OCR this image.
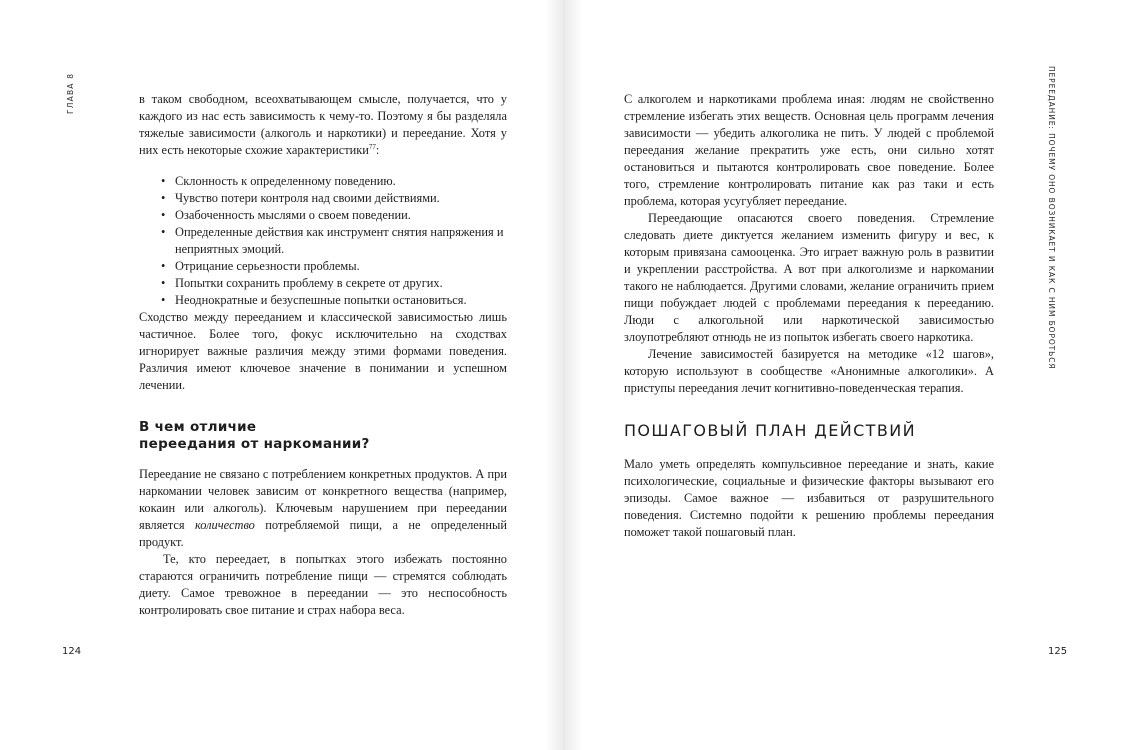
ГЛАВА 8	в таком свободном, всеохватывающем смысле, получается, что у каждого из нас есть зависимость к чему-то. Поэтому я бы разделяла тяжелые зависимости (алкоголь и наркотики) и переедание. Хотя у них есть некоторые схожие характеристики$^{77}$:

• Склонность к определенному поведению.
• Чувство потери контроля над своими действиями.
• Озабоченность мыслями о своем поведении.
• Определенные действия как инструмент снятия напряжения и неприятных эмоций.
• Отрицание серьезности проблемы.
• Попытки сохранить проблему в секрете от других.
• Неоднократные и безуспешные попытки остановиться.

Сходство между перееданием и классической зависимостью лишь частичное. Более того, фокус исключительно на сходствах игнорирует важные различия между этими формами поведения. Различия имеют ключевое значение в понимании и успешном лечении.

В чем отличие
переедания от наркомании?

Переедание не связано с потреблением конкретных продуктов. А при наркомании человек зависим от конкретного вещества (например, кокаин или алкоголь). Ключевым нарушением при переедании является количество потребляемой пищи, а не определенный продукт.

Те, кто переедает, в попытках этого избежать постоянно стараются ограничить потребление пищи — стремятся соблюдать диету. Самое тревожное в переедании — это неспособность контролировать свое питание и страх набора веса.

124
ПЕРЕЕДАНИЕ: ПОЧЕМУ ОНО ВОЗНИКАЕТ И КАК С НИМ БОРОТЬСЯ

С алкоголем и наркотиками проблема иная: людям не свойственно стремление избегать этих веществ. Основная цель программ лечения зависимости — убедить алкоголика не пить. У людей с проблемой переедания желание прекратить уже есть, они сильно хотят остановиться и пытаются контролировать свое поведение. Более того, стремление контролировать питание как раз таки и есть проблема, которая усугубляет переедание.

Переедающие опасаются своего поведения. Стремление следовать диете диктуется желанием изменить фигуру и вес, к которым привязана самооценка. Это играет важную роль в развитии и укреплении расстройства. А вот при алкоголизме и наркомании такого не наблюдается. Другими словами, желание ограничить прием пищи побуждает людей с проблемами переедания к перееданию. Люди с алкогольной или наркотической зависимостью злоупотребляют отнюдь не из попыток избегать своего наркотика.

Лечение зависимостей базируется на методике «12 шагов», которую используют в сообществе «Анонимные алкоголики». А приступы переедания лечит когнитивно-поведенческая терапия.

ПОШАГОВЫЙ ПЛАН ДЕЙСТВИЙ

Мало уметь определять компульсивное переедание и знать, какие психологические, социальные и физические факторы вызывают его эпизоды. Самое важное — избавиться от разрушительного поведения. Системно подойти к решению проблемы переедания поможет такой пошаговый план.

125
